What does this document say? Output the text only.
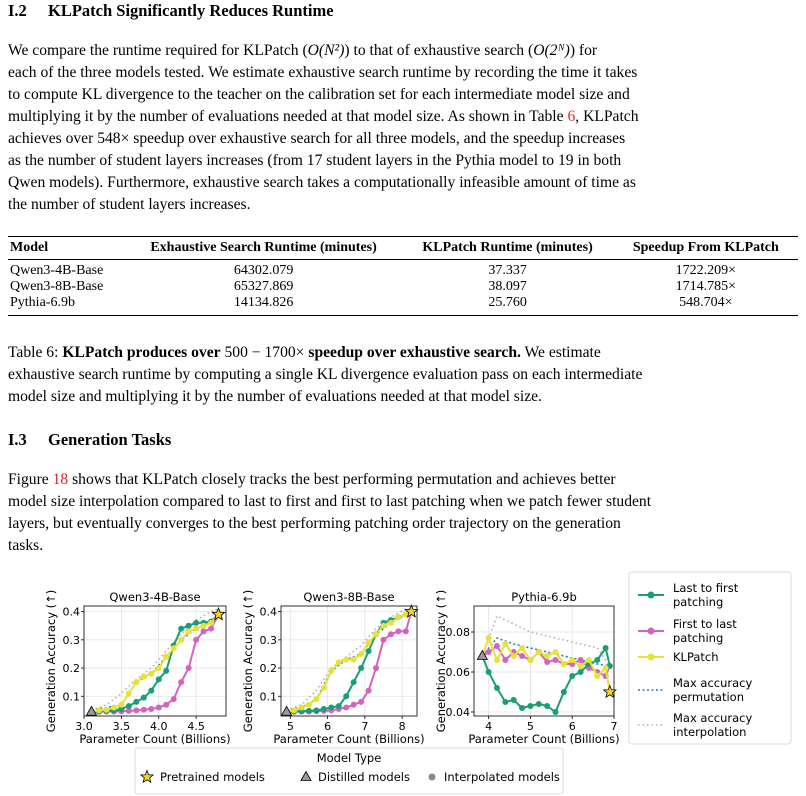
I.2 KLPatch Significantly Reduces Runtime
We compare the runtime required for KLPatch (O(N²)) to that of exhaustive search (O(2ᴺ)) for
each of the three models tested. We estimate exhaustive search runtime by recording the time it takes
to compute KL divergence to the teacher on the calibration set for each intermediate model size and
multiplying it by the number of evaluations needed at that model size. As shown in Table 6, KLPatch
achieves over 548× speedup over exhaustive search for all three models, and the speedup increases
as the number of student layers increases (from 17 student layers in the Pythia model to 19 in both
Qwen models). Furthermore, exhaustive search takes a computationally infeasible amount of time as
the number of student layers increases.
Model	Exhaustive Search Runtime (minutes)	KLPatch Runtime (minutes)	Speedup From KLPatch
Qwen3-4B-Base	64302.079	37.337	1722.209×
Qwen3-8B-Base	65327.869	38.097	1714.785×
Pythia-6.9b	14134.826	25.760	548.704×
Table 6: KLPatch produces over 500 − 1700× speedup over exhaustive search. We estimate
exhaustive search runtime by computing a single KL divergence evaluation pass on each intermediate
model size and multiplying it by the number of evaluations needed at that model size.
I.3 Generation Tasks
Figure 18 shows that KLPatch closely tracks the best performing permutation and achieves better
model size interpolation compared to last to first and first to last patching when we patch fewer student
layers, but eventually converges to the best performing patching order trajectory on the generation
tasks.
Qwen3-4B-Base
0.1
0.2
0.3
0.4
3.0 3.5 4.0 4.5
Parameter Count (Billions)
Generation Accuracy (↑)	Qwen3-8B-Base
0.1
0.2
0.3
0.4
5	6	7	8
Parameter Count (Billions)
Generation Accuracy (↑)	Pythia-6.9b
0.04
0.06
0.08
4	5	6	7
Parameter Count (Billions)
Generation Accuracy (↑)
Last to first
patching
First to last
patching
KLPatch
Max accuracy
permutation
Max accuracy
interpolation
Model Type
Pretrained models	Distilled models	Interpolated models
